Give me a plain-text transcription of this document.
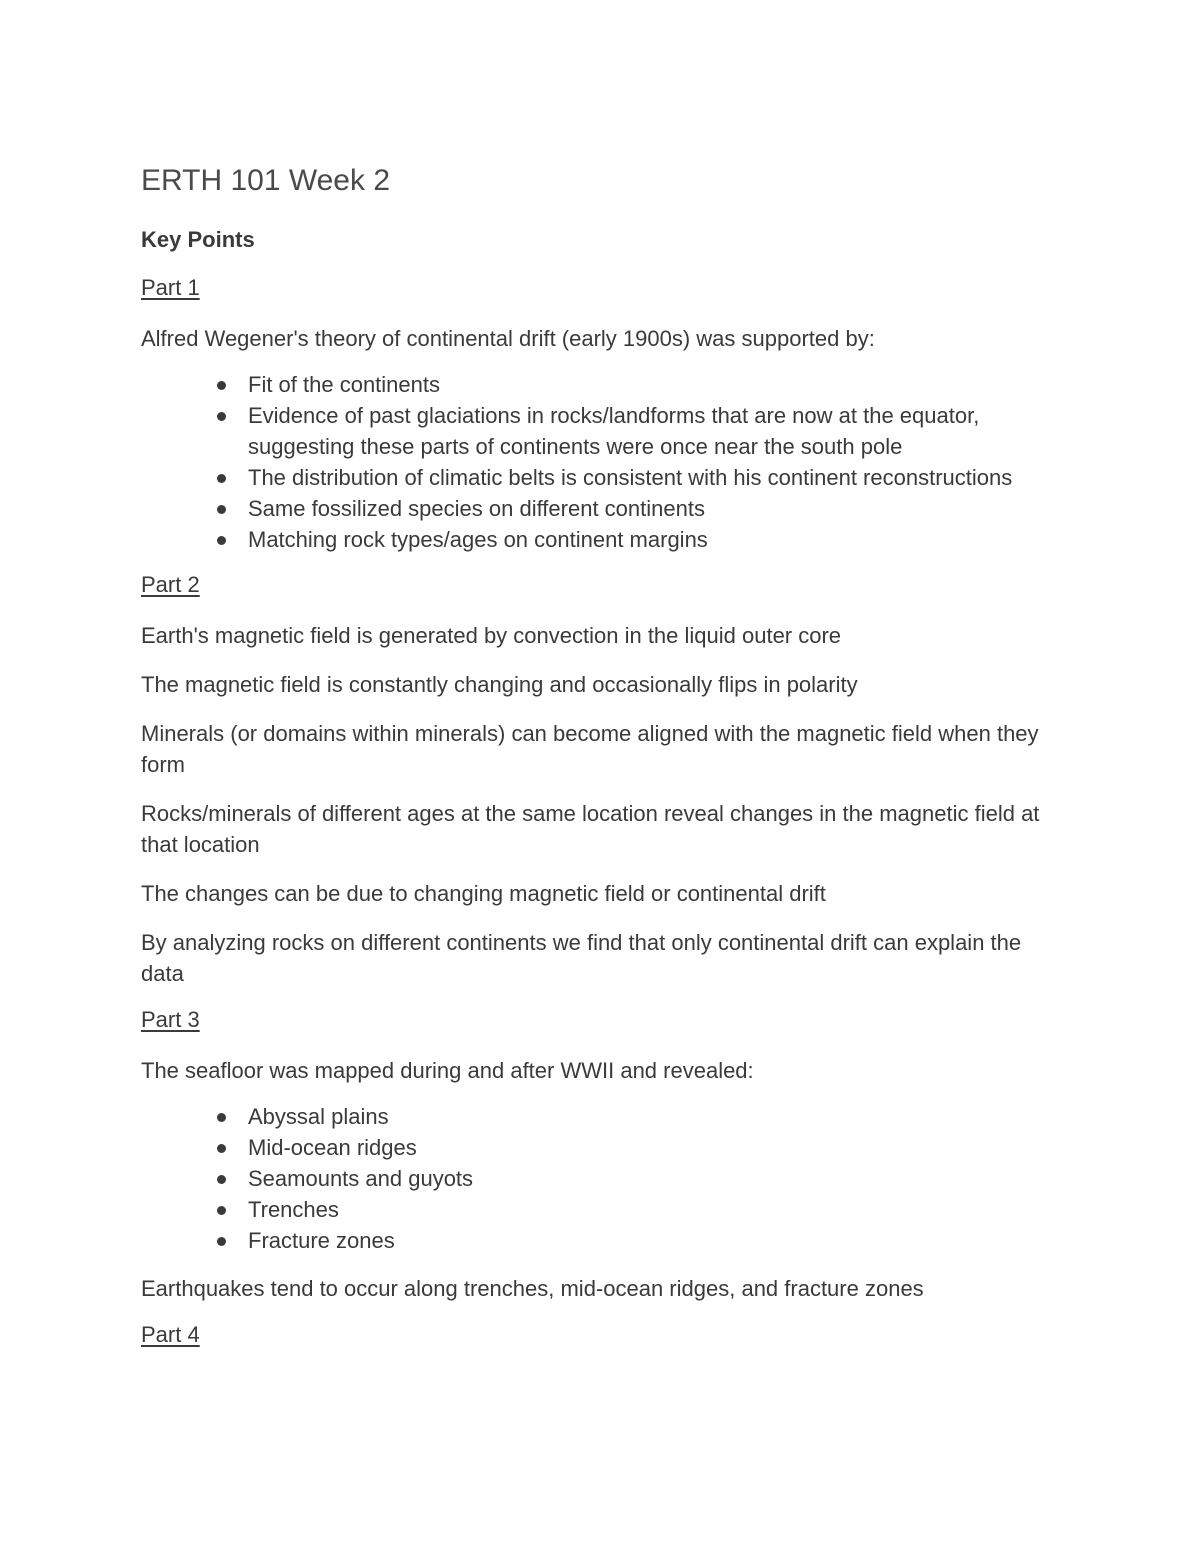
ERTH 101 Week 2
Key Points
Part 1

Alfred Wegener's theory of continental drift (early 1900s) was supported by:

Fit of the continents
Evidence of past glaciations in rocks/landforms that are now at the equator, suggesting these parts of continents were once near the south pole
The distribution of climatic belts is consistent with his continent reconstructions
Same fossilized species on different continents
Matching rock types/ages on continent margins
Part 2

Earth's magnetic field is generated by convection in the liquid outer core

The magnetic field is constantly changing and occasionally flips in polarity

Minerals (or domains within minerals) can become aligned with the magnetic field when they form

Rocks/minerals of different ages at the same location reveal changes in the magnetic field at that location

The changes can be due to changing magnetic field or continental drift

By analyzing rocks on different continents we find that only continental drift can explain the data

Part 3

The seafloor was mapped during and after WWII and revealed:

Abyssal plains
Mid-ocean ridges
Seamounts and guyots
Trenches
Fracture zones

Earthquakes tend to occur along trenches, mid-ocean ridges, and fracture zones

Part 4
